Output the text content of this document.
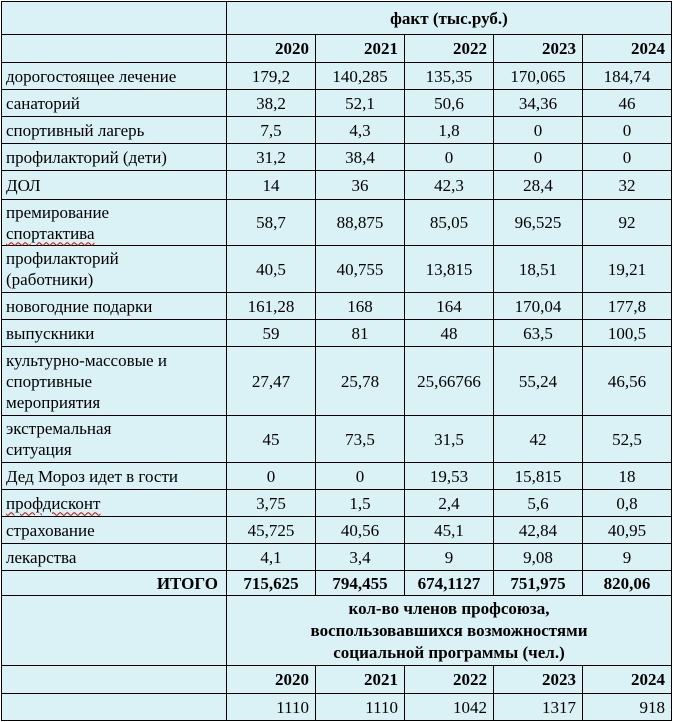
	факт (тыс.руб.)				
	2020	2021	2022	2023	2024
дорогостоящее лечение	179,2	140,285	135,35	170,065	184,74
санаторий	38,2	52,1	50,6	34,36	46
спортивный лагерь	7,5	4,3	1,8	0	0
профилакторий (дети)	31,2	38,4	0	0	0
ДОЛ	14	36	42,3	28,4	32
премирование
спортактива	58,7	88,875	85,05	96,525	92
профилакторий
(работники)	40,5	40,755	13,815	18,51	19,21
новогодние подарки	161,28	168	164	170,04	177,8
выпускники	59	81	48	63,5	100,5
культурно-массовые и
спортивные
мероприятия	27,47	25,78	25,66766	55,24	46,56
экстремальная
ситуация	45	73,5	31,5	42	52,5
Дед Мороз идет в гости	0	0	19,53	15,815	18
профдисконт	3,75	1,5	2,4	5,6	0,8
страхование	45,725	40,56	45,1	42,84	40,95
лекарства	4,1	3,4	9	9,08	9
ИТОГО	715,625	794,455	674,1127	751,975	820,06
	кол-во членов профсоюза,
воспользовавшихся возможностями
социальной программы (чел.)				
	2020	2021	2022	2023	2024
	1110	1110	1042	1317	918
